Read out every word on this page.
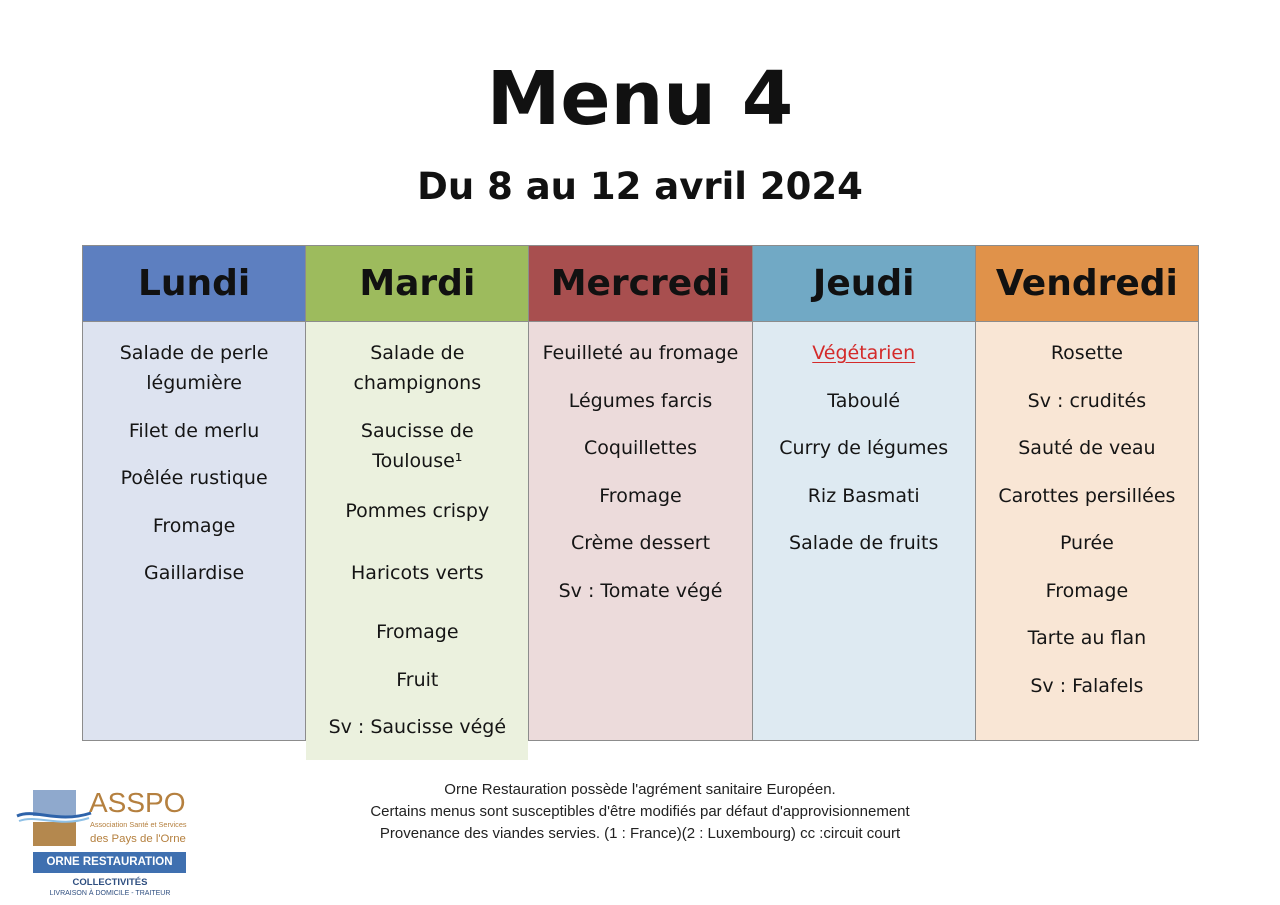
Menu 4
Du 8 au 12 avril 2024
Lundi
Salade de perle légumière
Filet de merlu
Poêlée rustique
Fromage
Gaillardise
Mardi
Salade de champignons
Saucisse de Toulouse¹
Pommes crispy
Haricots verts
Fromage
Fruit
Sv : Saucisse végé
Mercredi
Feuilleté au fromage
Légumes farcis
Coquillettes
Fromage
Crème dessert
Sv : Tomate végé
Jeudi
Végétarien
Taboulé
Curry de légumes
Riz Basmati
Salade de fruits
Vendredi
Rosette
Sv : crudités
Sauté de veau
Carottes persillées
Purée
Fromage
Tarte au flan
Sv : Falafels
ASSPO
Association Santé et Services
des Pays de l'Orne
ORNE RESTAURATION
COLLECTIVITÉS
LIVRAISON À DOMICILE - TRAITEUR
Orne Restauration possède l'agrément sanitaire Européen.
Certains menus sont susceptibles d'être modifiés par défaut d'approvisionnement
Provenance des viandes servies. (1 : France)(2 : Luxembourg) cc :circuit court
